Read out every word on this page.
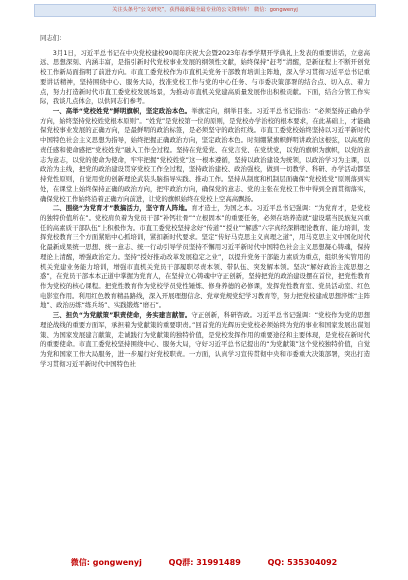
关注头条号“公文研究”，获得最新最全最专业的公文资料库！ 微信：gongwenyj

同志们：

3月1日，习近平总书记在中央党校建校90周年庆祝大会暨2023年春季学期开学典礼上发表的重要讲话，立意高远、思想深刻、内涵丰富，是指引新时代党校事业发展的纲领性文献，始终保持“赶考”清醒，是新征程上不断开创党校工作新局面指明了前进方向。市直工委党校作为市直机关党务干部教育培训主阵地，深入学习贯彻习近平总书记重要讲话精神，坚持围绕中心、服务大局，找准党校工作与党的中心任务、与市委决策部署的结合点、切入点、着力点，努力打造新时代市直工委党校发展场景，为推动市直机关党建高质量发展作出积极贡献。下面，结合分管工作实际，我谈几点体会，以供同志们参考。

一、高举“党校姓党”鲜明旗帜，坚定政治本色。举旗定向，纲举目张。习近平总书记指出：“必须坚持正确办学方向，始终坚持党校姓党根本原则”。“姓党”是党校第一位的原则，是党校办学治校的根本要求，在此基础上，才能确保党校事业发展的正确方向，是最鲜明的政治标签，是必须坚守的政治红线。市直工委党校始终坚持以习近平新时代中国特色社会主义思想为指导，始终把握正确政治方向，坚定政治本色。时刻绷紧旗帜鲜明讲政治这根弦，以高度的责任感和使命感把“党校姓党”融入工作全过程。坚持在党爱党、在党言党、在党忧党，以党的旗帜为旗帜，以党的意志为意志，以党的使命为使命，牢牢把握“党校姓党”这一根本遵循，坚持以政治建设为统领，以政治学习为主课，以政治为主线，把党的政治建设贯穿党校工作全过程，坚持政治建校、政治强校，做到一切教学、科研、办学活动都坚持党性原则，自觉用党的创新理论武装头脑指导实践、推动工作。坚持从制度和机制层面确保“党校姓党”原则落到实处，在课堂上始终保持正确的政治方向，把牢政治方向，确保党的意志、党的主张在党校工作中得到全面贯彻落实，确保党校工作始终沿着正确方向前进，让党的旗帜始终在党校上空高高飘扬。

二、围绕“为党育才”教搞活力，坚守育人阵地。育才造士，为国之本。习近平总书记强调：“为党育才，是党校的独特价值所在”。党校肩负着为党员干部“补钙壮骨”“立根固本”的重要任务，必须在培养造就“建设堪当民族复兴重任的高素质干部队伍”上积极作为。市直工委党校坚持念好“传道”“授业”“解惑”六字真经深耕理论教育、能力培训，发挥党校教育三个方面紧贴中心抓培训，紧扣新时代要求。坚定“传好马克思主义真理之道”，用马克思主义中国化时代化最新成果统一思想、统一意志、统一行动引导学员坚持不懈用习近平新时代中国特色社会主义思想凝心铸魂，保持理论上清醒，增强政治定力。坚持“授好推动改革发展稳定之业”，以提升党务干部能力素质为重点，组织务实管用的机关党建业务能力培训，增强市直机关党员干部履职尽责本领、带队伍、突发解本领。坚决“解好政治主流思想之惑”，在党员干部本本正道中掌握为党育人，在坚持立心铸魂中守正创新，坚持把党的政治建设摆在首位，把党性教育作为党校的核心课程。把党性教育作为党校学员党性锤炼、修身养德的必修课，发挥党性教育室、党员活动室、红色电影室作用。利用红色教育精品路线，深入开展理想信念、党章党规党纪学习教育等，努力把党校建成思想淬炼“主阵地”、政治历练“练兵场”、实践锻炼“磨石”。

三、担负“为党献策”职责使命，务实建言献智。守正创新，科研咨政。习近平总书记强调：“党校作为党的思想理论战线的重要方面军，承担着为党献策的重要职责。”回首党的光辉历史党校必须始终为党的事业和国家发展出谋划策、为国家发展建言献策，走诚践行为党献策的独特价值，是党校发挥作用的重要途径和主要体现，是党校在新时代的重要使命。市直工委党校坚持围绕中心、服务大局，守好习近平总书记提出的“为党献策”这个党校独特价值，自觉为党和国家工作大局服务，进一步履行好党校职责。一方面，认真学习宣传贯彻中央和市委重大决策部署，突出打造学习贯彻习近平新时代中国特色社

微信: gongwenyj	QQ群: 31991489	QQ: 535304092
